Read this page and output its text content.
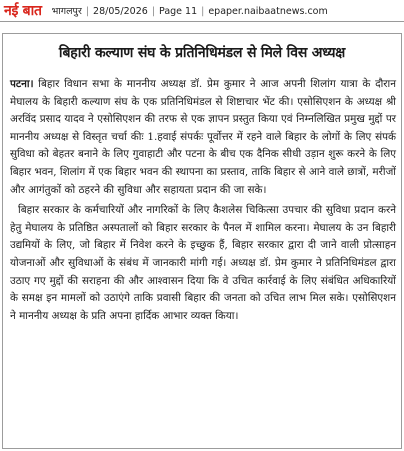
नई बात भागलपुर | 28/05/2026 | Page 11 | epaper.naibaatnews.com
बिहारी कल्याण संघ के प्रतिनिधिमंडल से मिले विस अध्यक्ष

पटना। बिहार विधान सभा के माननीय अध्यक्ष डॉ. प्रेम कुमार ने आज अपनी शिलांग यात्रा के दौरान मेघालय के बिहारी कल्याण संघ के एक प्रतिनिधिमंडल से शिष्टाचार भेंट की। एसोसिएशन के अध्यक्ष श्री अरविंद प्रसाद यादव ने एसोसिएशन की तरफ से एक ज्ञापन प्रस्तुत किया एवं निम्नलिखित प्रमुख मुद्दों पर माननीय अध्यक्ष से विस्तृत चर्चा कीः 1.हवाई संपर्कः पूर्वोत्तर में रहने वाले बिहार के लोगों के लिए संपर्क सुविधा को बेहतर बनाने के लिए गुवाहाटी और पटना के बीच एक दैनिक सीधी उड़ान शुरू करने के लिए बिहार भवन, शिलांग में एक बिहार भवन की स्थापना का प्रस्ताव, ताकि बिहार से आने वाले छात्रों, मरीजों और आगंतुकों को ठहरने की सुविधा और सहायता प्रदान की जा सके।

बिहार सरकार के कर्मचारियों और नागरिकों के लिए कैशलेस चिकित्सा उपचार की सुविधा प्रदान करने हेतु मेघालय के प्रतिष्ठित अस्पतालों को बिहार सरकार के पैनल में शामिल करना। मेघालय के उन बिहारी उद्यमियों के लिए, जो बिहार में निवेश करने के इच्छुक हैं, बिहार सरकार द्वारा दी जाने वाली प्रोत्साहन योजनाओं और सुविधाओं के संबंध में जानकारी मांगी गई। अध्यक्ष डॉ. प्रेम कुमार ने प्रतिनिधिमंडल द्वारा उठाए गए मुद्दों की सराहना की और आश्वासन दिया कि वे उचित कार्रवाई के लिए संबंधित अधिकारियों के समक्ष इन मामलों को उठाएंगे ताकि प्रवासी बिहार की जनता को उचित लाभ मिल सके। एसोसिएशन ने माननीय अध्यक्ष के प्रति अपना हार्दिक आभार व्यक्त किया।
